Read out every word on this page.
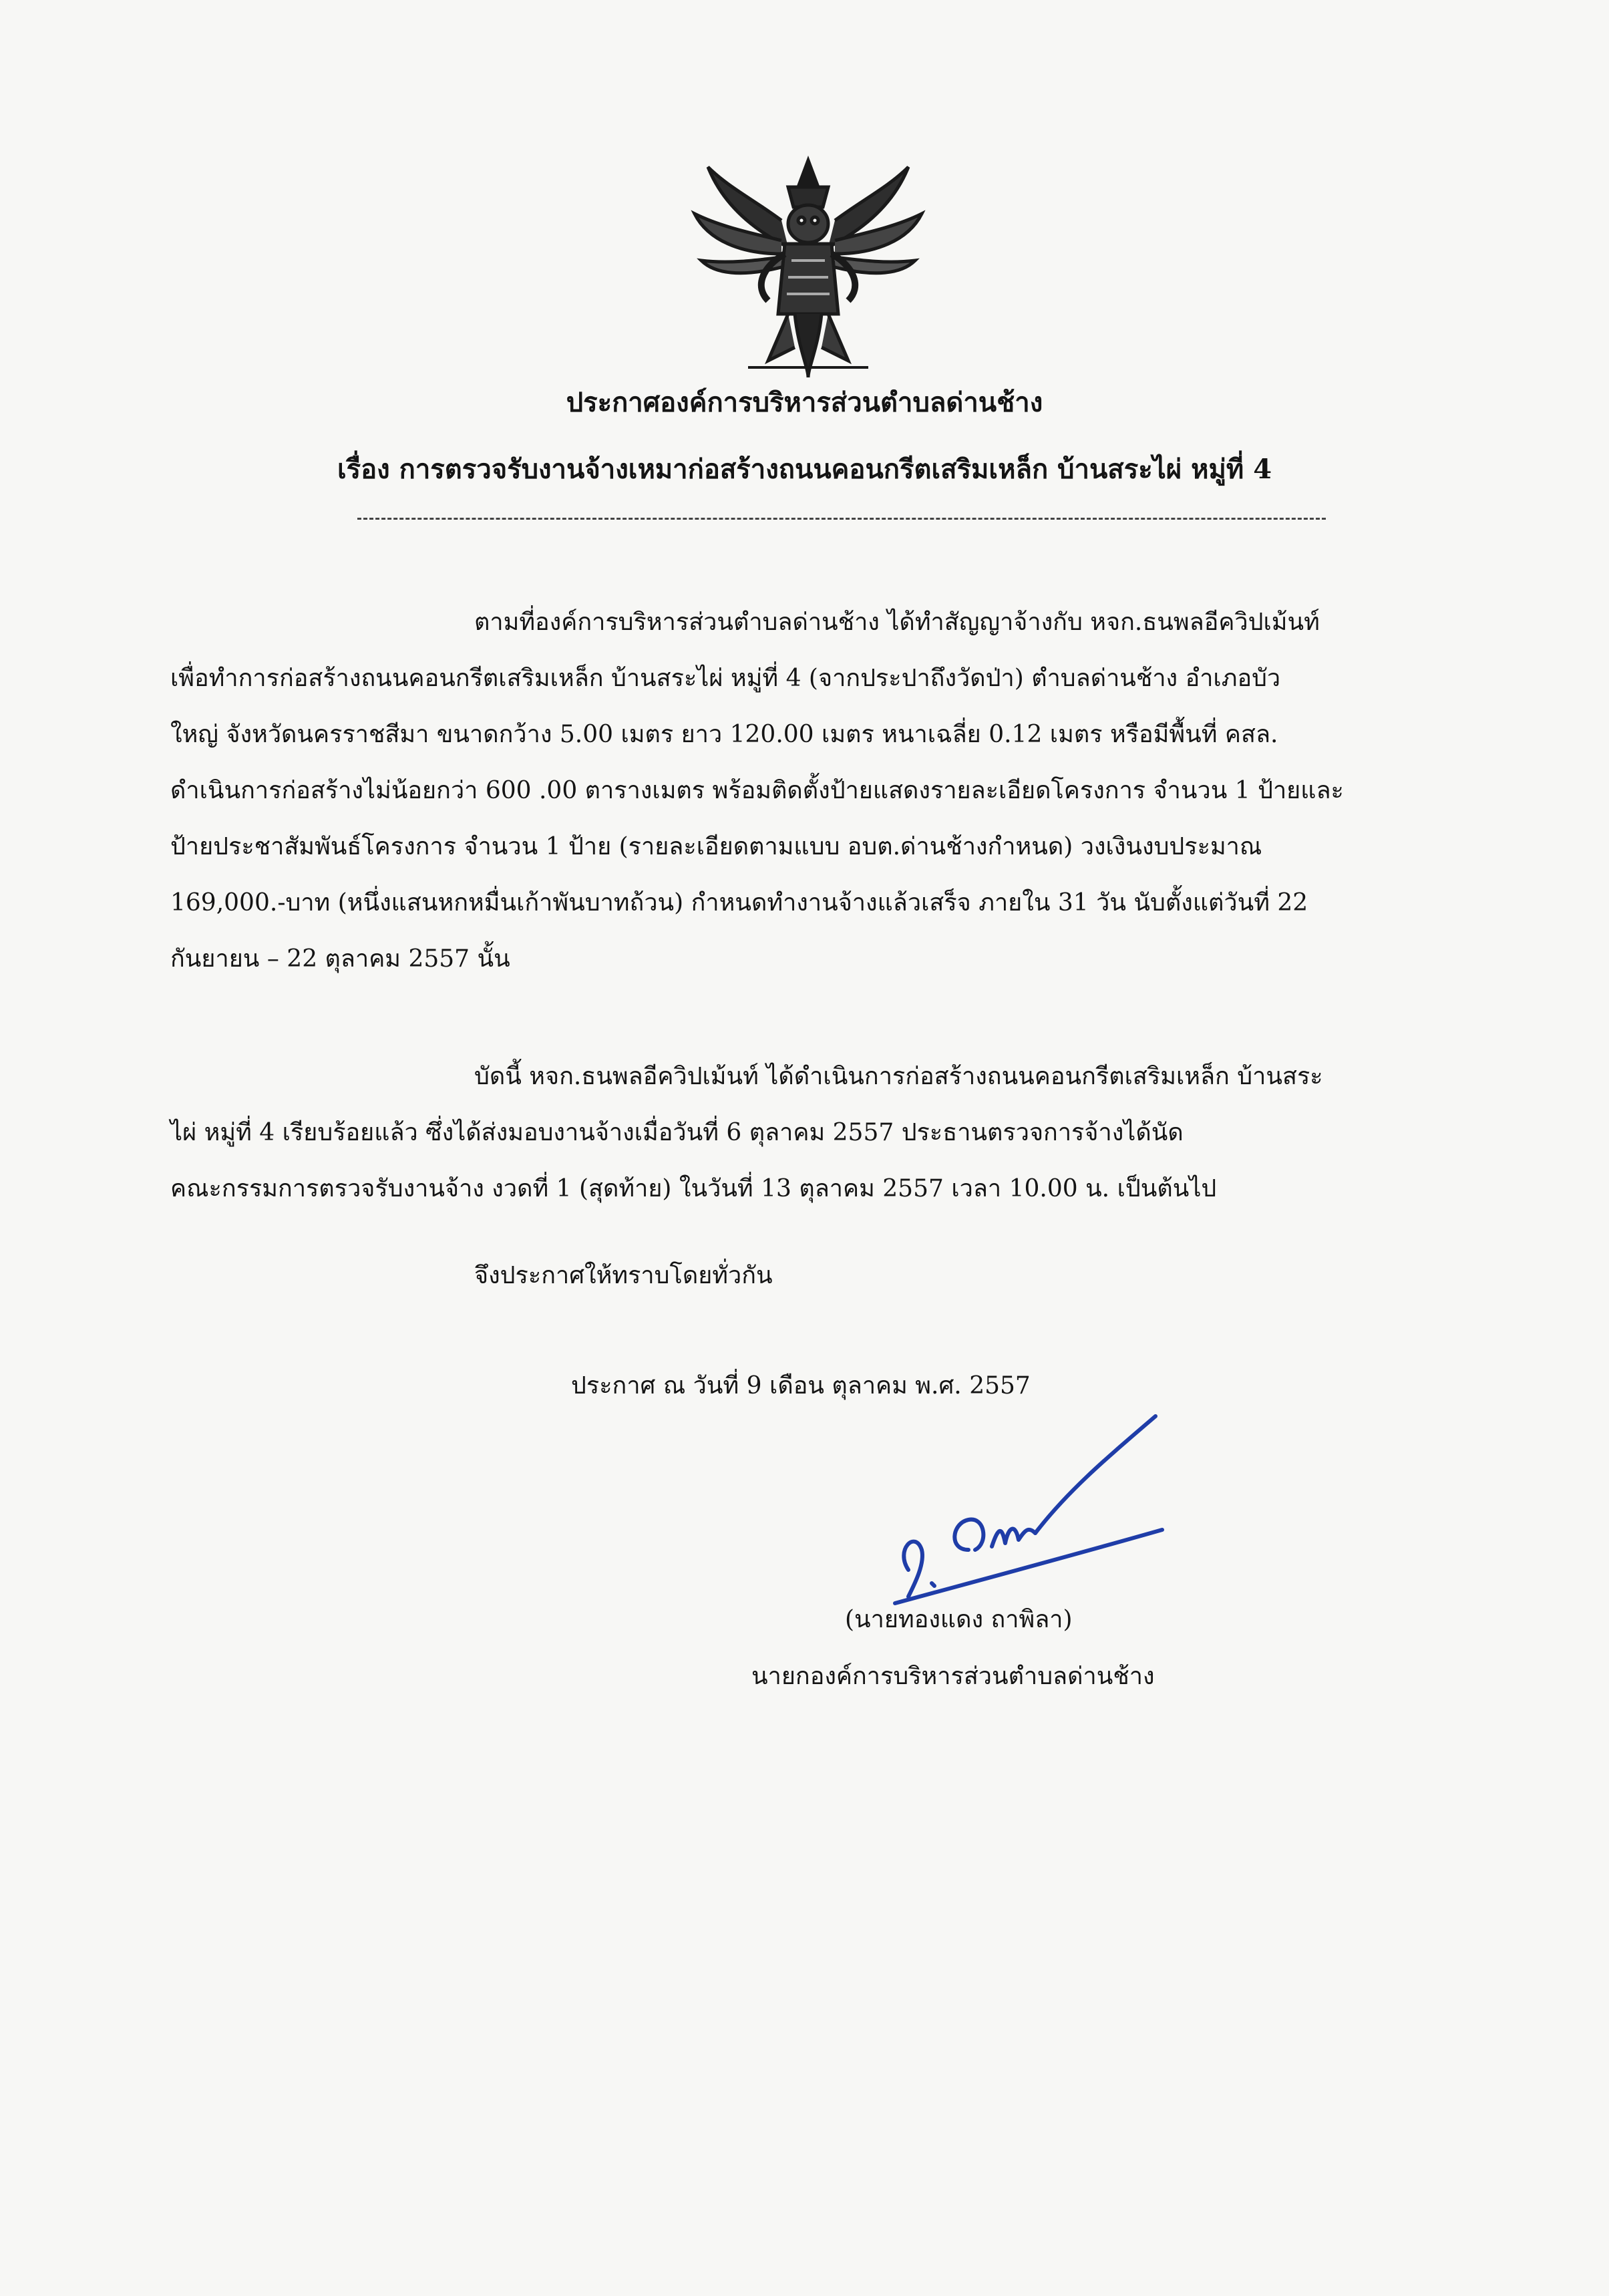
ประกาศองค์การบริหารส่วนตำบลด่านช้าง
เรื่อง การตรวจรับงานจ้างเหมาก่อสร้างถนนคอนกรีตเสริมเหล็ก บ้านสระไผ่ หมู่ที่ 4
ตามที่องค์การบริหารส่วนตำบลด่านช้าง ได้ทำสัญญาจ้างกับ หจก.ธนพลอีควิปเม้นท์
เพื่อทำการก่อสร้างถนนคอนกรีตเสริมเหล็ก บ้านสระไผ่ หมู่ที่ 4 (จากประปาถึงวัดป่า) ตำบลด่านช้าง อำเภอบัว
ใหญ่ จังหวัดนครราชสีมา ขนาดกว้าง 5.00 เมตร ยาว 120.00 เมตร หนาเฉลี่ย 0.12 เมตร หรือมีพื้นที่ คสล.
ดำเนินการก่อสร้างไม่น้อยกว่า 600 .00 ตารางเมตร พร้อมติดตั้งป้ายแสดงรายละเอียดโครงการ จำนวน 1 ป้ายและ
ป้ายประชาสัมพันธ์โครงการ จำนวน 1 ป้าย (รายละเอียดตามแบบ อบต.ด่านช้างกำหนด) วงเงินงบประมาณ
169,000.-บาท (หนึ่งแสนหกหมื่นเก้าพันบาทถ้วน) กำหนดทำงานจ้างแล้วเสร็จ ภายใน 31 วัน นับตั้งแต่วันที่ 22
กันยายน – 22 ตุลาคม 2557 นั้น
บัดนี้ หจก.ธนพลอีควิปเม้นท์ ได้ดำเนินการก่อสร้างถนนคอนกรีตเสริมเหล็ก บ้านสระ
ไผ่ หมู่ที่ 4 เรียบร้อยแล้ว ซึ่งได้ส่งมอบงานจ้างเมื่อวันที่ 6 ตุลาคม 2557 ประธานตรวจการจ้างได้นัด
คณะกรรมการตรวจรับงานจ้าง งวดที่ 1 (สุดท้าย) ในวันที่ 13 ตุลาคม 2557 เวลา 10.00 น. เป็นต้นไป
จึงประกาศให้ทราบโดยทั่วกัน
ประกาศ ณ วันที่ 9 เดือน ตุลาคม พ.ศ. 2557
(นายทองแดง ถาพิลา)
นายกองค์การบริหารส่วนตำบลด่านช้าง
